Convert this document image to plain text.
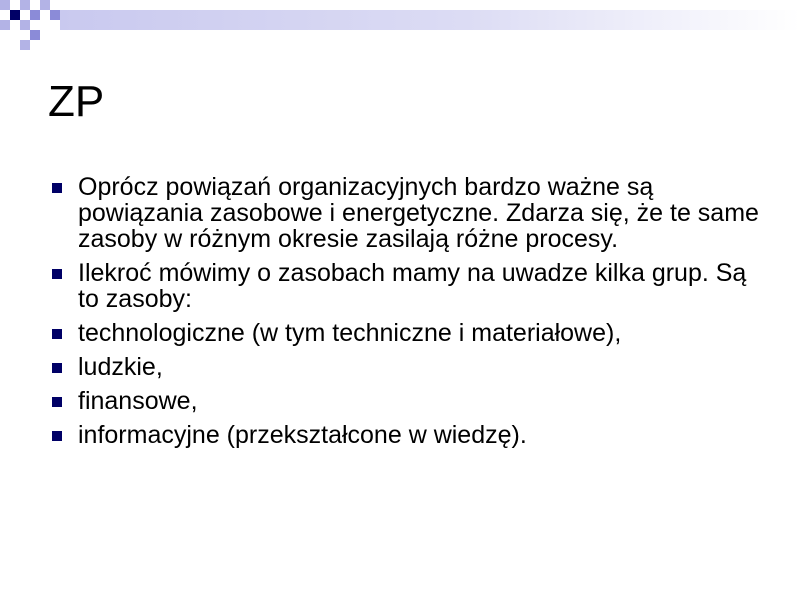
ZP
Oprócz powiązań organizacyjnych bardzo ważne są powiązania zasobowe i energetyczne. Zdarza się, że te same zasoby w różnym okresie zasilają różne procesy.
Ilekroć mówimy o zasobach mamy na uwadze kilka grup. Są to zasoby:
technologiczne (w tym techniczne i materiałowe),
ludzkie,
finansowe,
informacyjne (przekształcone w wiedzę).
